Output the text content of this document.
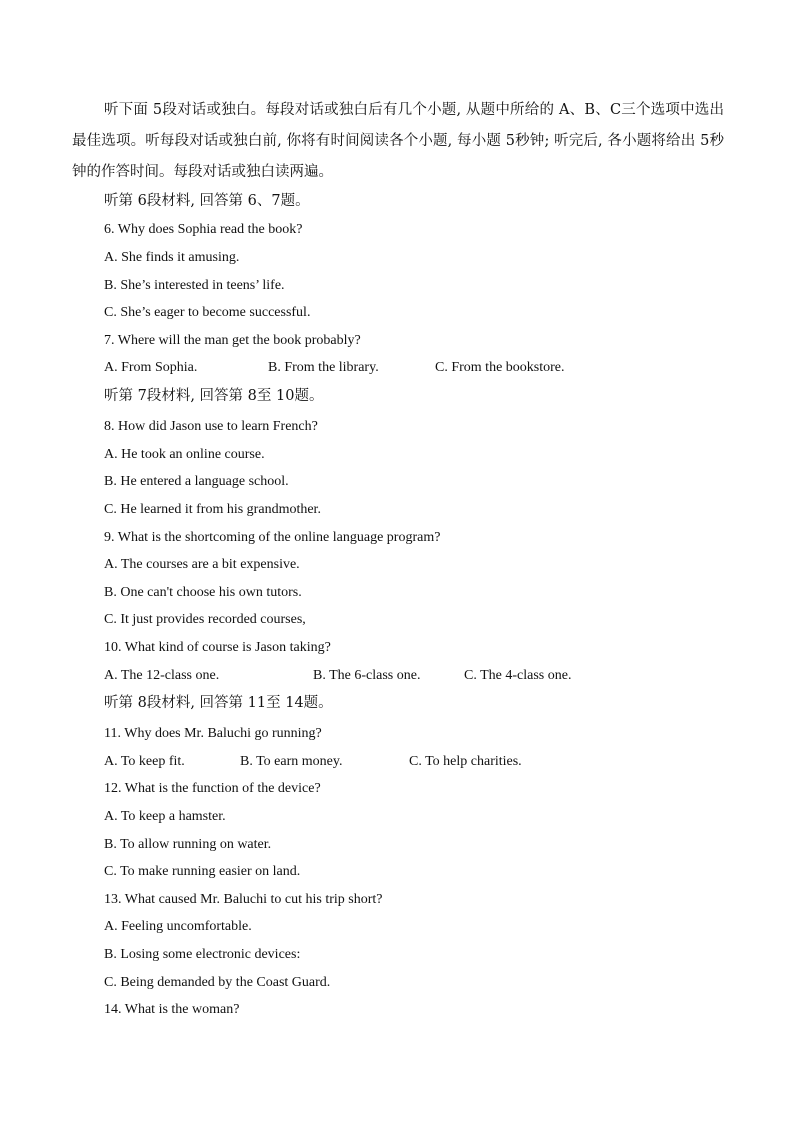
听下面 5段对话或独白。每段对话或独白后有几个小题, 从题中所给的 A、B、C三个选项中选出最佳选项。听每段对话或独白前, 你将有时间阅读各个小题, 每小题 5秒钟; 听完后, 各小题将给出 5秒钟的作答时间。每段对话或独白读两遍。

听第 6段材料, 回答第 6、7题。

6. Why does Sophia read the book?

A. She finds it amusing.

B. She’s interested in teens’ life.

C. She’s eager to become successful.

7. Where will the man get the book probably?

A. From Sophia.	B. From the library.	C. From the bookstore.

听第 7段材料, 回答第 8至 10题。

8. How did Jason use to learn French?

A. He took an online course.

B. He entered a language school.

C. He learned it from his grandmother.

9. What is the shortcoming of the online language program?

A. The courses are a bit expensive.

B. One can't choose his own tutors.

C. It just provides recorded courses,

10. What kind of course is Jason taking?

A. The 12-class one.	B. The 6-class one.	C. The 4-class one.

听第 8段材料, 回答第 11至 14题。

11. Why does Mr. Baluchi go running?

A. To keep fit.	B. To earn money.	C. To help charities.

12. What is the function of the device?

A. To keep a hamster.

B. To allow running on water.

C. To make running easier on land.

13. What caused Mr. Baluchi to cut his trip short?

A. Feeling uncomfortable.

B. Losing some electronic devices:

C. Being demanded by the Coast Guard.

14. What is the woman?
